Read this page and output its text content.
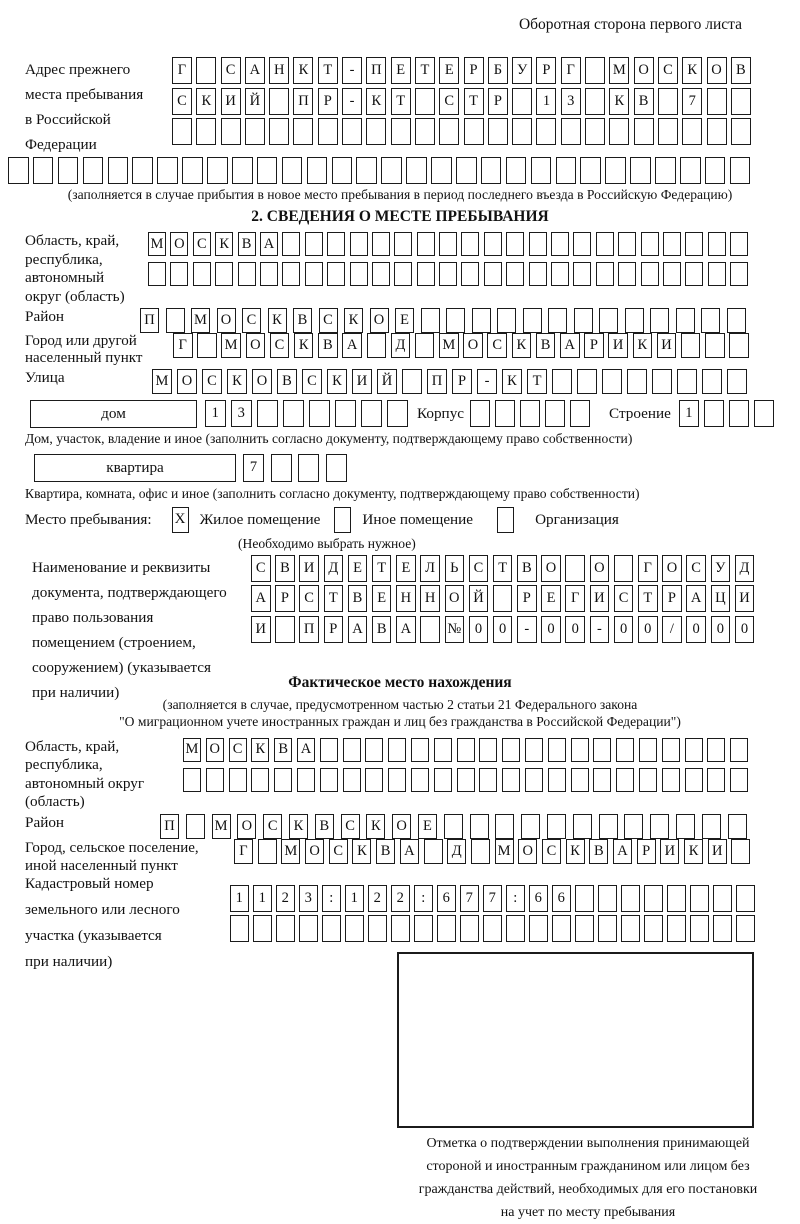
Оборотная сторона первого листа
Адрес прежнего
места пребывания
в Российской
Федерации
Г	С А Н К	Т	-	П	Е	Т	Е	Р	Б	У	Р	Г	М О С	К О В
С	К И Й	П	Р	-	К	Т	С	Т	Р	1	3	К	В	7
(заполняется в случае прибытия в новое место пребывания в период последнего въезда в Российскую Федерацию)
2. СВЕДЕНИЯ О МЕСТЕ ПРЕБЫВАНИЯ
Область, край,
республика,
автономный
округ (область)
М О С К В А
Район	П	М О	С	К	В	С	К	О	Е
Город или другой
населенный пункт
Г	М О С	К	В А	Д	М О С	К	В А	Р	И К И
Улица	М О	С	К	О	В	С	К	И	Й	П	Р	-	К	Т
дом	1	3	Корпус	Строение 1
Дом, участок, владение и иное (заполнить согласно документу, подтверждающему право собственности)
квартира	7
Квартира, комната, офис и иное (заполнить согласно документу, подтверждающему право собственности)
Место пребывания: X Жилое помещение	Иное помещение	Организация
(Необходимо выбрать нужное)
Наименование и реквизиты
документа, подтверждающего
право пользования
помещением (строением,
сооружением) (указывается
при наличии)
С	В И Д	Е	Т	Е	Л	Ь	С	Т	В О	О	Г	О С У Д
А	Р	С	Т	В	Е	Н Н О Й	Р	Е	Г	И С	Т	Р	А Ц И
И	П	Р	А В А	№ 0	0	-	0	0	-	0	0	/	0	0	0
Фактическое место нахождения
(заполняется в случае, предусмотренном частью 2 статьи 21 Федерального закона
"О миграционном учете иностранных граждан и лиц без гражданства в Российской Федерации")
Область, край,
республика,
автономный округ
(область)
М О С К В А
Район	П	М О	С	К	В	С	К	О	Е
Город, сельское поселение,
иной населенный пункт
Г	М О С К В А	Д	М О С К В А Р И К И
Кадастровый номер
земельного или лесного
участка (указывается
при наличии)
1	1	2	3	:	1	2	2	:	6	7	7	:	6	6
Отметка о подтверждении выполнения принимающей
стороной и иностранным гражданином или лицом без
гражданства действий, необходимых для его постановки
на учет по месту пребывания
